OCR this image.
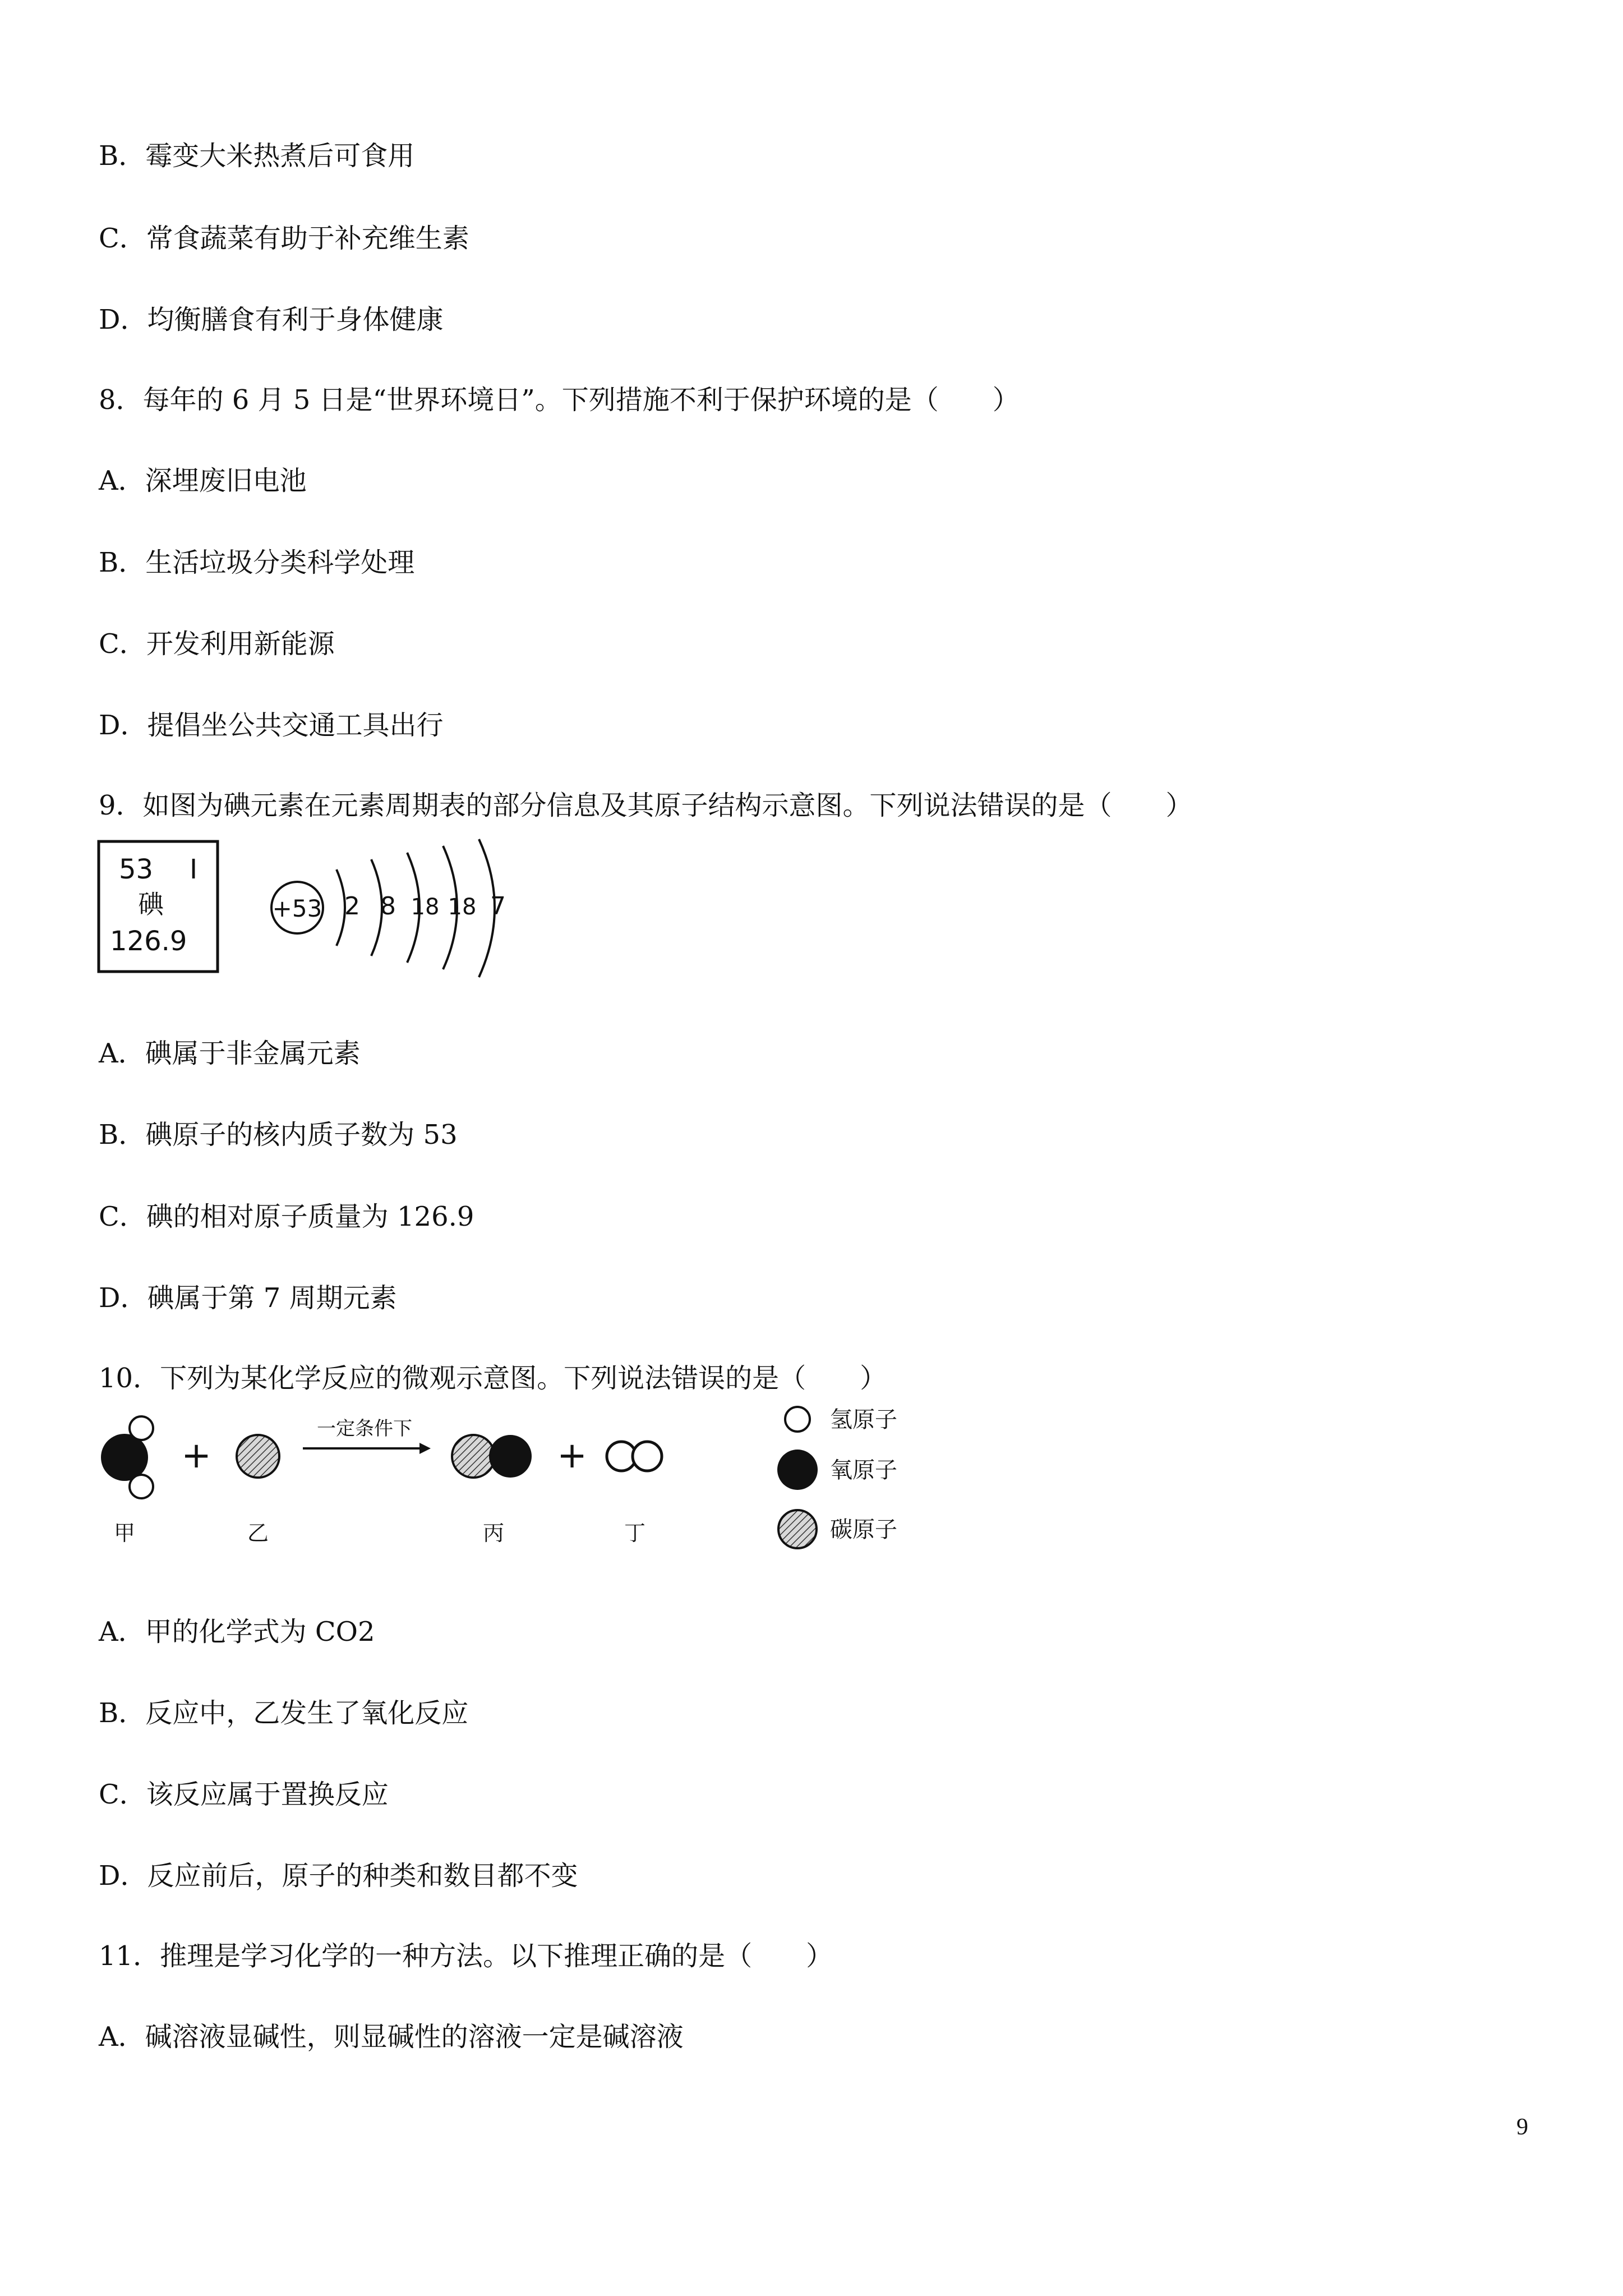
B．霉变大米热煮后可食用
C．常食蔬菜有助于补充维生素
D．均衡膳食有利于身体健康
8．每年的 6 月 5 日是“世界环境日”。下列措施不利于保护环境的是（　　）
A．深埋废旧电池
B．生活垃圾分类科学处理
C．开发利用新能源
D．提倡坐公共交通工具出行
9．如图为碘元素在元素周期表的部分信息及其原子结构示意图。下列说法错误的是（　　）
A．碘属于非金属元素
B．碘原子的核内质子数为 53
C．碘的相对原子质量为 126.9
D．碘属于第 7 周期元素
10．下列为某化学反应的微观示意图。下列说法错误的是（　　）
A．甲的化学式为 CO2
B．反应中，乙发生了氧化反应
C．该反应属于置换反应
D．反应前后，原子的种类和数目都不变
11．推理是学习化学的一种方法。以下推理正确的是（　　）
A．碱溶液显碱性，则显碱性的溶液一定是碱溶液
53 I
碘
126.9
+53 2 8 18 18 7
+
一定条件下
+
甲	乙	丙	丁
氢原子
氧原子
碳原子
9
